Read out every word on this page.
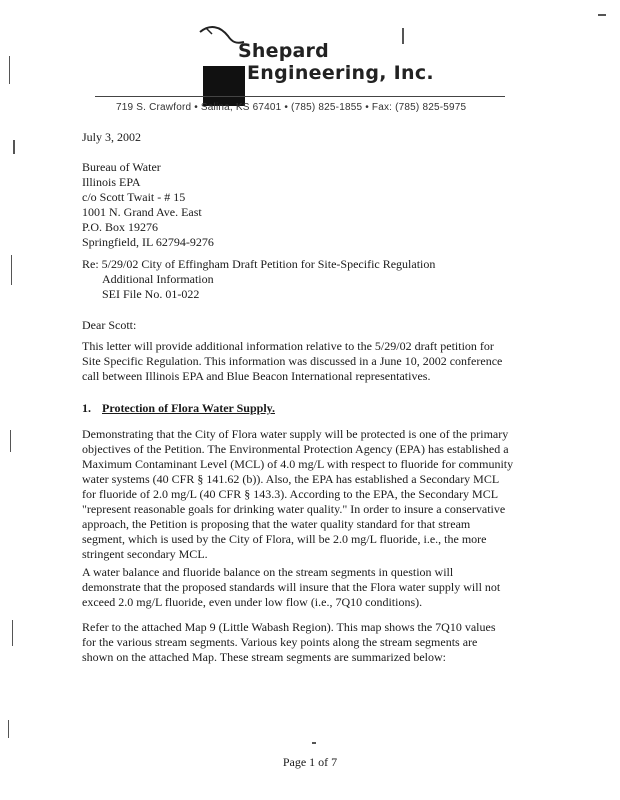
Shepard
Engineering, Inc.
719 S. Crawford • Salina, KS 67401 • (785) 825-1855 • Fax: (785) 825-5975
July 3, 2002
Bureau of Water
Illinois EPA
c/o Scott Twait - # 15
1001 N. Grand Ave. East
P.O. Box 19276
Springfield, IL 62794-9276
Re: 5/29/02 City of Effingham Draft Petition for Site-Specific Regulation
Additional Information
SEI File No. 01-022
Dear Scott:
This letter will provide additional information relative to the 5/29/02 draft petition for
Site Specific Regulation. This information was discussed in a June 10, 2002 conference
call between Illinois EPA and Blue Beacon International representatives.
1. Protection of Flora Water Supply.
Demonstrating that the City of Flora water supply will be protected is one of the primary
objectives of the Petition. The Environmental Protection Agency (EPA) has established a
Maximum Contaminant Level (MCL) of 4.0 mg/L with respect to fluoride for community
water systems (40 CFR § 141.62 (b)). Also, the EPA has established a Secondary MCL
for fluoride of 2.0 mg/L (40 CFR § 143.3). According to the EPA, the Secondary MCL
"represent reasonable goals for drinking water quality." In order to insure a conservative
approach, the Petition is proposing that the water quality standard for that stream
segment, which is used by the City of Flora, will be 2.0 mg/L fluoride, i.e., the more
stringent secondary MCL.
A water balance and fluoride balance on the stream segments in question will
demonstrate that the proposed standards will insure that the Flora water supply will not
exceed 2.0 mg/L fluoride, even under low flow (i.e., 7Q10 conditions).
Refer to the attached Map 9 (Little Wabash Region). This map shows the 7Q10 values
for the various stream segments. Various key points along the stream segments are
shown on the attached Map. These stream segments are summarized below:
Page 1 of 7
